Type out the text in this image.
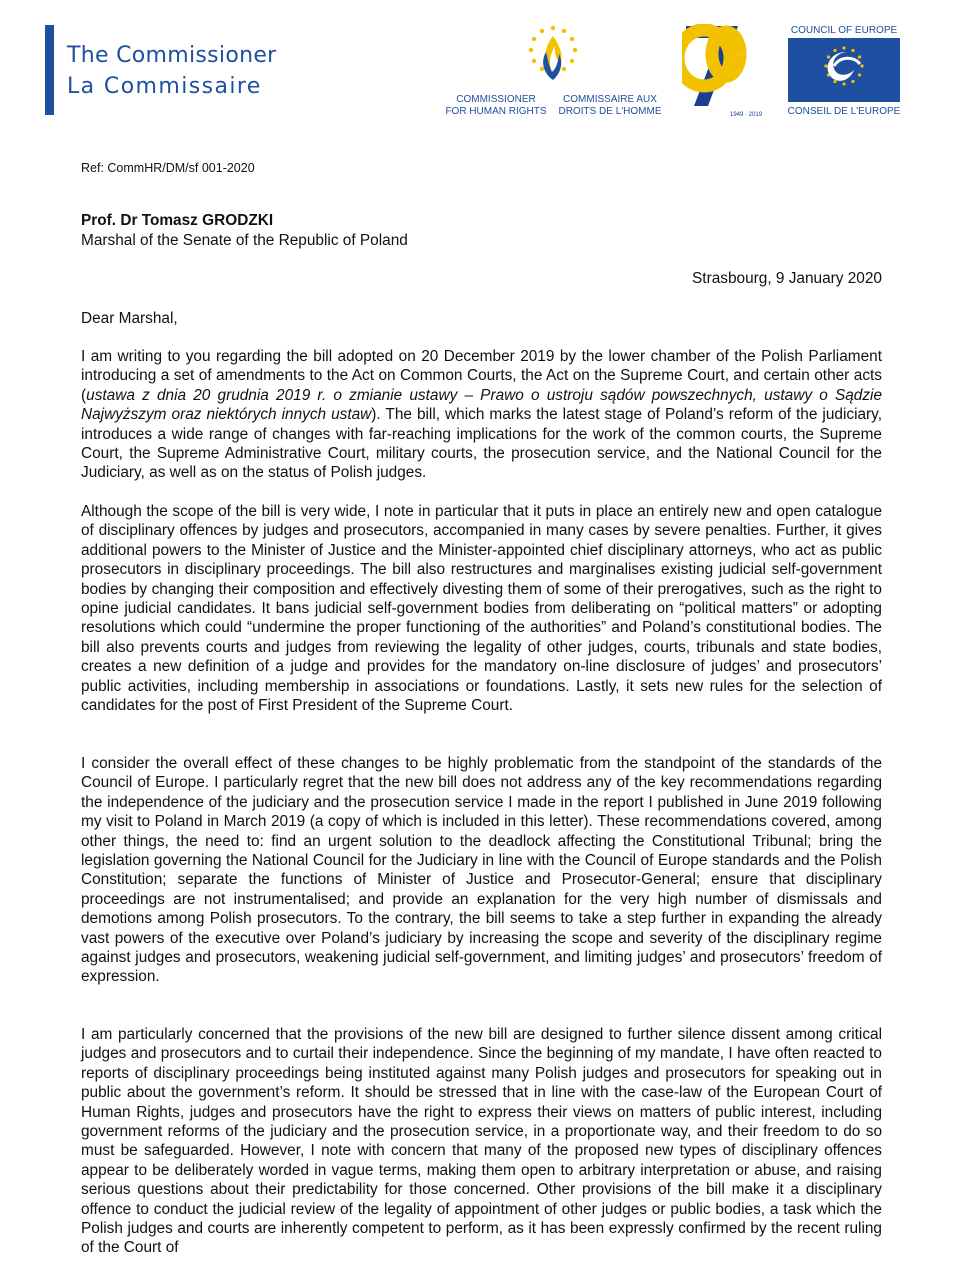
The Commissioner
La Commissaire
COMMISSIONER
FOR HUMAN RIGHTS
COMMISSAIRE AUX
DROITS DE L'HOMME	1949 · 2019
COUNCIL OF EUROPE
CONSEIL DE L'EUROPE
Ref: CommHR/DM/sf 001-2020
Prof. Dr Tomasz GRODZKI
Marshal of the Senate of the Republic of Poland
Strasbourg, 9 January 2020
Dear Marshal,

I am writing to you regarding the bill adopted on 20 December 2019 by the lower chamber of the Polish Parliament introducing a set of amendments to the Act on Common Courts, the Act on the Supreme Court, and certain other acts (ustawa z dnia 20 grudnia 2019 r. o zmianie ustawy – Prawo o ustroju sądów powszechnych, ustawy o Sądzie Najwyższym oraz niektórych innych ustaw). The bill, which marks the latest stage of Poland’s reform of the judiciary, introduces a wide range of changes with far-reaching implications for the work of the common courts, the Supreme Court, the Supreme Administrative Court, military courts, the prosecution service, and the National Council for the Judiciary, as well as on the status of Polish judges.

Although the scope of the bill is very wide, I note in particular that it puts in place an entirely new and open catalogue of disciplinary offences by judges and prosecutors, accompanied in many cases by severe penalties. Further, it gives additional powers to the Minister of Justice and the Minister-appointed chief disciplinary attorneys, who act as public prosecutors in disciplinary proceedings. The bill also restructures and marginalises existing judicial self-government bodies by changing their composition and effectively divesting them of some of their prerogatives, such as the right to opine judicial candidates. It bans judicial self-government bodies from deliberating on “political matters” or adopting resolutions which could “undermine the proper functioning of the authorities” and Poland’s constitutional bodies. The bill also prevents courts and judges from reviewing the legality of other judges, courts, tribunals and state bodies, creates a new definition of a judge and provides for the mandatory on-line disclosure of judges’ and prosecutors’ public activities, including membership in associations or foundations. Lastly, it sets new rules for the selection of candidates for the post of First President of the Supreme Court.

I consider the overall effect of these changes to be highly problematic from the standpoint of the standards of the Council of Europe. I particularly regret that the new bill does not address any of the key recommendations regarding the independence of the judiciary and the prosecution service I made in the report I published in June 2019 following my visit to Poland in March 2019 (a copy of which is included in this letter). These recommendations covered, among other things, the need to: find an urgent solution to the deadlock affecting the Constitutional Tribunal; bring the legislation governing the National Council for the Judiciary in line with the Council of Europe standards and the Polish Constitution; separate the functions of Minister of Justice and Prosecutor-General; ensure that disciplinary proceedings are not instrumentalised; and provide an explanation for the very high number of dismissals and demotions among Polish prosecutors. To the contrary, the bill seems to take a step further in expanding the already vast powers of the executive over Poland’s judiciary by increasing the scope and severity of the disciplinary regime against judges and prosecutors, weakening judicial self-government, and limiting judges’ and prosecutors’ freedom of expression.

I am particularly concerned that the provisions of the new bill are designed to further silence dissent among critical judges and prosecutors and to curtail their independence. Since the beginning of my mandate, I have often reacted to reports of disciplinary proceedings being instituted against many Polish judges and prosecutors for speaking out in public about the government’s reform. It should be stressed that in line with the case-law of the European Court of Human Rights, judges and prosecutors have the right to express their views on matters of public interest, including government reforms of the judiciary and the prosecution service, in a proportionate way, and their freedom to do so must be safeguarded. However, I note with concern that many of the proposed new types of disciplinary offences appear to be deliberately worded in vague terms, making them open to arbitrary interpretation or abuse, and raising serious questions about their predictability for those concerned. Other provisions of the bill make it a disciplinary offence to conduct the judicial review of the legality of appointment of other judges or public bodies, a task which the Polish judges and courts are inherently competent to perform, as it has been expressly confirmed by the recent ruling of the Court of
